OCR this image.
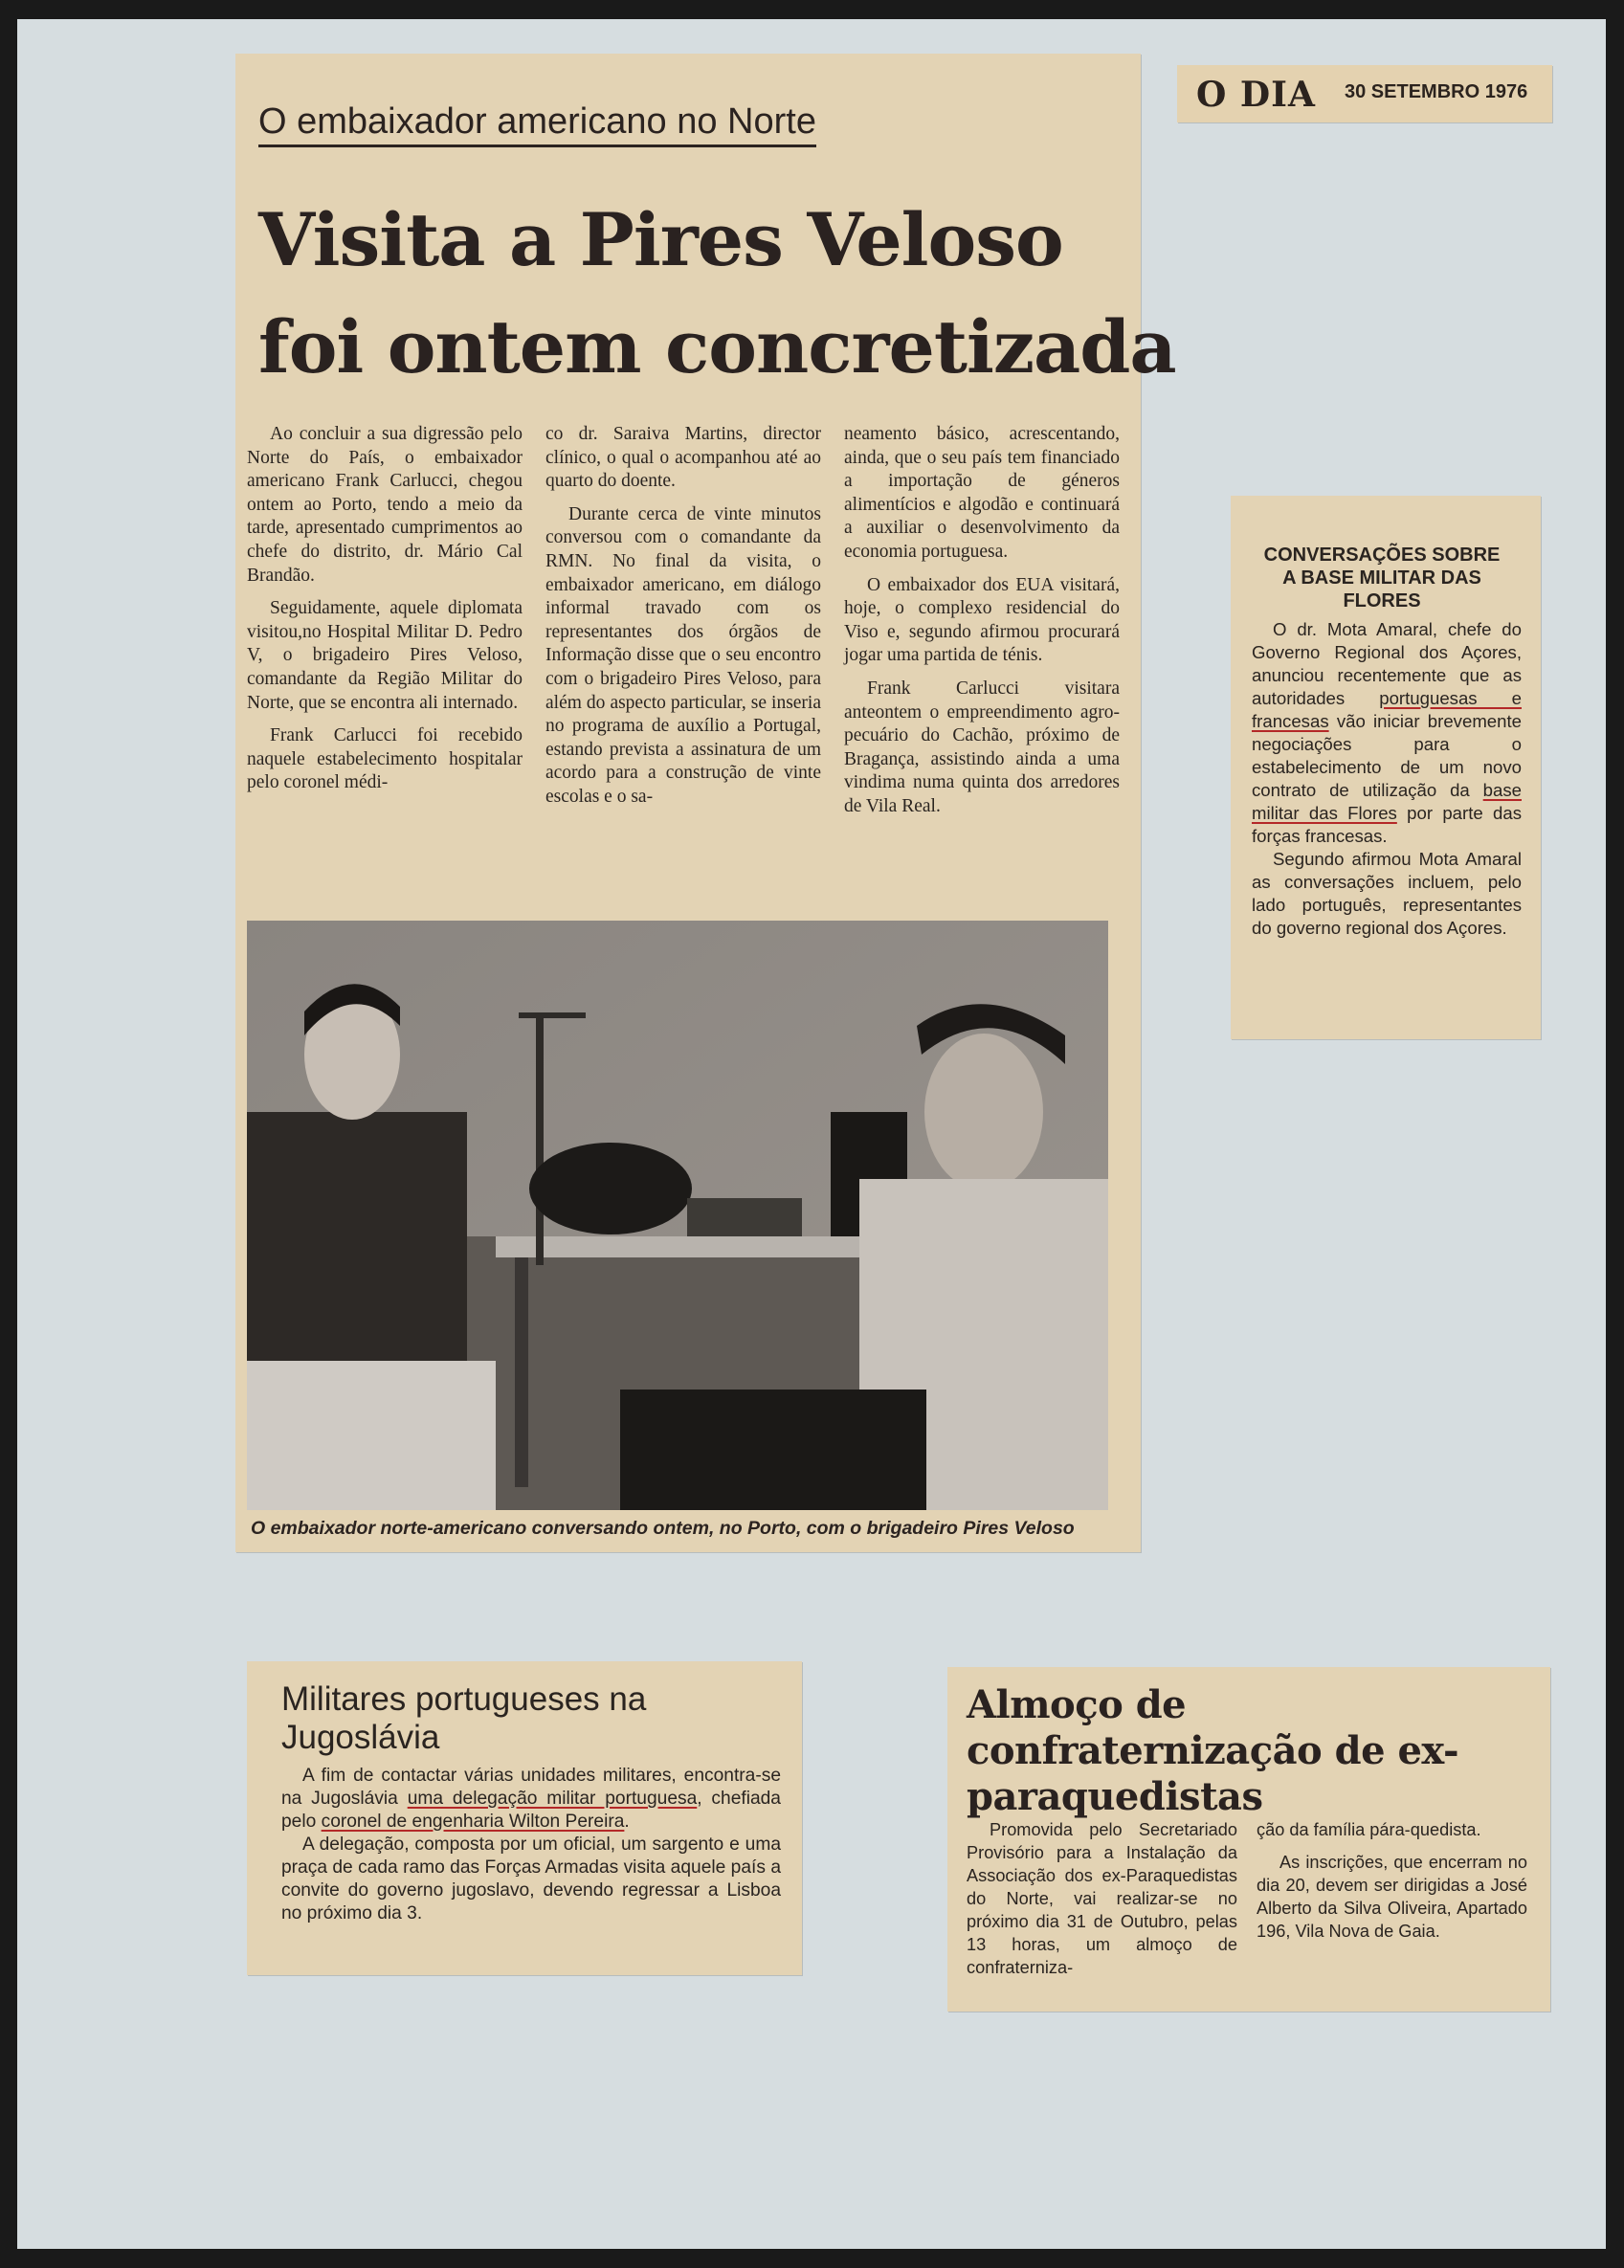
O DIA 30 SETEMBRO 1976
O embaixador americano no Norte
Visita a Pires Veloso
foi ontem concretizada

Ao concluir a sua digressão pelo Norte do País, o embaixador americano Frank Carlucci, chegou ontem ao Porto, tendo a meio da tarde, apresentado cumprimentos ao chefe do distrito, dr. Mário Cal Brandão.

Seguidamente, aquele diplomata visitou,no Hospital Militar D. Pedro V, o brigadeiro Pires Veloso, comandante da Região Militar do Norte, que se encontra ali internado.

Frank Carlucci foi recebido naquele estabelecimento hospitalar pelo coronel médi-

co dr. Saraiva Martins, director clínico, o qual o acompanhou até ao quarto do doente.

Durante cerca de vinte minutos conversou com o comandante da RMN. No final da visita, o embaixador americano, em diálogo informal travado com os representantes dos órgãos de Informação disse que o seu encontro com o brigadeiro Pires Veloso, para além do aspecto particular, se inseria no programa de auxílio a Portugal, estando prevista a assinatura de um acordo para a construção de vinte escolas e o sa-

neamento básico, acrescentando, ainda, que o seu país tem financiado a importação de géneros alimentícios e algodão e continuará a auxiliar o desenvolvimento da economia portuguesa.

O embaixador dos EUA visitará, hoje, o complexo residencial do Viso e, segundo afirmou procurará jogar uma partida de ténis.

Frank Carlucci visitara anteontem o empreendimento agro-pecuário do Cachão, próximo de Bragança, assistindo ainda a uma vindima numa quinta dos arredores de Vila Real.

O embaixador norte-americano conversando ontem, no Porto, com o brigadeiro Pires Veloso
CONVERSAÇÕES SOBRE A BASE MILITAR DAS FLORES

O dr. Mota Amaral, chefe do Governo Regional dos Açores, anunciou recentemente que as autoridades portuguesas e francesas vão iniciar brevemente negociações para o estabelecimento de um novo contrato de utilização da base militar das Flores por parte das forças francesas.

Segundo afirmou Mota Amaral as conversações incluem, pelo lado português, representantes do governo regional dos Açores.

Militares portugueses na Jugoslávia

A fim de contactar várias unidades militares, encontra-se na Jugoslávia uma delegação militar portuguesa, chefiada pelo coronel de engenharia Wilton Pereira.

A delegação, composta por um oficial, um sargento e uma praça de cada ramo das Forças Armadas visita aquele país a convite do governo jugoslavo, devendo regressar a Lisboa no próximo dia 3.

Almoço de confraternização de ex-paraquedistas

Promovida pelo Secretariado Provisório para a Instalação da Associação dos ex-Paraquedistas do Norte, vai realizar-se no próximo dia 31 de Outubro, pelas 13 horas, um almoço de confraterniza-

ção da família pára-quedista.

As inscrições, que encerram no dia 20, devem ser dirigidas a José Alberto da Silva Oliveira, Apartado 196, Vila Nova de Gaia.
